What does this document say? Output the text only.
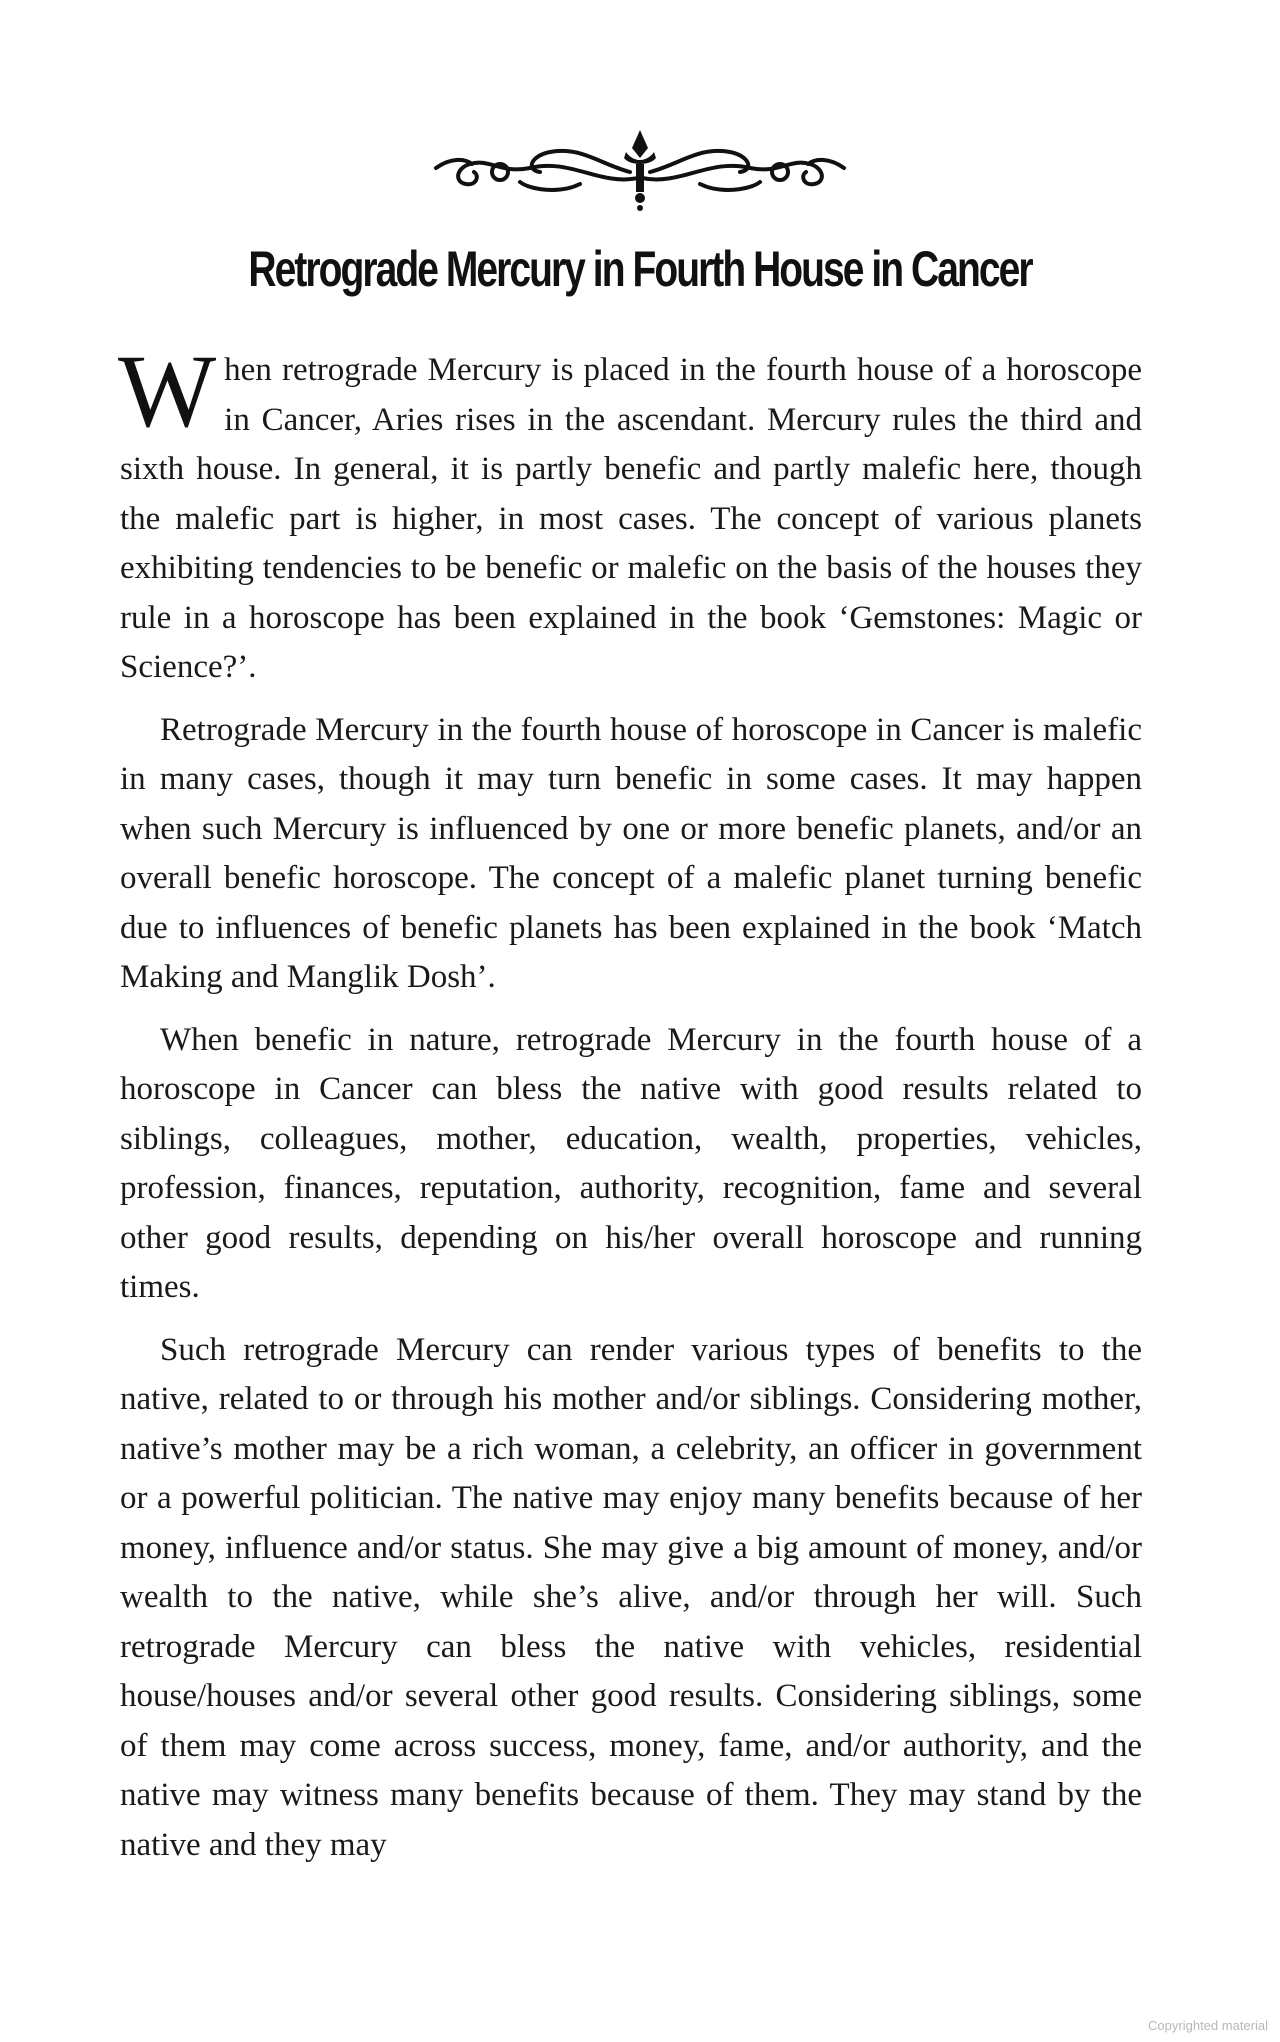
Retrograde Mercury in Fourth House in Cancer

When retrograde Mercury is placed in the fourth house of a horoscope in Cancer, Aries rises in the ascendant. Mercury rules the third and sixth house. In general, it is partly benefic and partly malefic here, though the malefic part is higher, in most cases. The concept of various planets exhibiting tendencies to be benefic or malefic on the basis of the houses they rule in a horoscope has been explained in the book ‘Gemstones: Magic or Science?’.

Retrograde Mercury in the fourth house of horoscope in Cancer is malefic in many cases, though it may turn benefic in some cases. It may happen when such Mercury is influenced by one or more benefic planets, and/or an overall benefic horoscope. The concept of a malefic planet turning benefic due to influences of benefic planets has been explained in the book ‘Match Making and Manglik Dosh’.

When benefic in nature, retrograde Mercury in the fourth house of a horoscope in Cancer can bless the native with good results related to siblings, colleagues, mother, education, wealth, properties, vehicles, profession, finances, reputation, authority, recognition, fame and several other good results, depending on his/her overall horoscope and running times.

Such retrograde Mercury can render various types of benefits to the native, related to or through his mother and/or siblings. Considering mother, native’s mother may be a rich woman, a celebrity, an officer in government or a powerful politician. The native may enjoy many benefits because of her money, influence and/or status. She may give a big amount of money, and/or wealth to the native, while she’s alive, and/or through her will. Such retrograde Mercury can bless the native with vehicles, residential house/houses and/or several other good results. Considering siblings, some of them may come across success, money, fame, and/or authority, and the native may witness many benefits because of them. They may stand by the native and they may

Copyrighted material
